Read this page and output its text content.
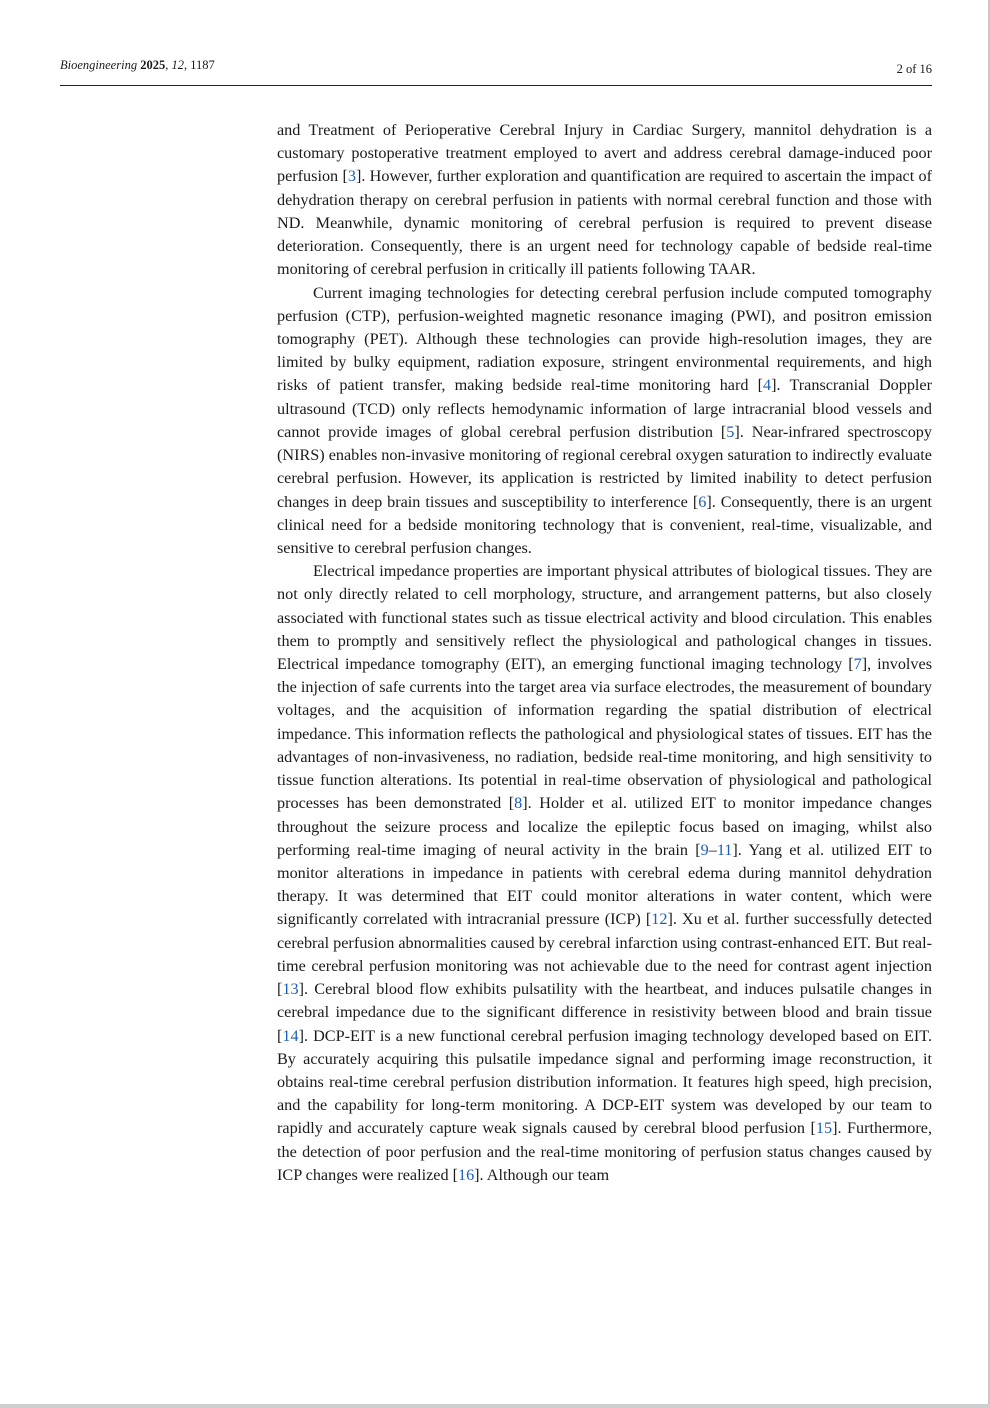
Bioengineering 2025, 12, 1187	2 of 16

and Treatment of Perioperative Cerebral Injury in Cardiac Surgery, mannitol dehydration is a customary postoperative treatment employed to avert and address cerebral damage-induced poor perfusion [3]. However, further exploration and quantification are required to ascertain the impact of dehydration therapy on cerebral perfusion in patients with normal cerebral function and those with ND. Meanwhile, dynamic monitoring of cerebral perfusion is required to prevent disease deterioration. Consequently, there is an urgent need for technology capable of bedside real-time monitoring of cerebral perfusion in critically ill patients following TAAR.

Current imaging technologies for detecting cerebral perfusion include computed tomography perfusion (CTP), perfusion-weighted magnetic resonance imaging (PWI), and positron emission tomography (PET). Although these technologies can provide high-resolution images, they are limited by bulky equipment, radiation exposure, stringent environmental requirements, and high risks of patient transfer, making bedside real-time monitoring hard [4]. Transcranial Doppler ultrasound (TCD) only reflects hemodynamic information of large intracranial blood vessels and cannot provide images of global cerebral perfusion distribution [5]. Near-infrared spectroscopy (NIRS) enables non-invasive monitoring of regional cerebral oxygen saturation to indirectly evaluate cerebral perfusion. However, its application is restricted by limited inability to detect perfusion changes in deep brain tissues and susceptibility to interference [6]. Consequently, there is an urgent clinical need for a bedside monitoring technology that is convenient, real-time, visualizable, and sensitive to cerebral perfusion changes.

Electrical impedance properties are important physical attributes of biological tissues. They are not only directly related to cell morphology, structure, and arrangement patterns, but also closely associated with functional states such as tissue electrical activity and blood circulation. This enables them to promptly and sensitively reflect the physiological and pathological changes in tissues. Electrical impedance tomography (EIT), an emerging functional imaging technology [7], involves the injection of safe currents into the target area via surface electrodes, the measurement of boundary voltages, and the acquisition of information regarding the spatial distribution of electrical impedance. This information reflects the pathological and physiological states of tissues. EIT has the advantages of non-invasiveness, no radiation, bedside real-time monitoring, and high sensitivity to tissue function alterations. Its potential in real-time observation of physiological and pathological processes has been demonstrated [8]. Holder et al. utilized EIT to monitor impedance changes throughout the seizure process and localize the epileptic focus based on imaging, whilst also performing real-time imaging of neural activity in the brain [9–11]. Yang et al. utilized EIT to monitor alterations in impedance in patients with cerebral edema during mannitol dehydration therapy. It was determined that EIT could monitor alterations in water content, which were significantly correlated with intracranial pressure (ICP) [12]. Xu et al. further successfully detected cerebral perfusion abnormalities caused by cerebral infarction using contrast-enhanced EIT. But real-time cerebral perfusion monitoring was not achievable due to the need for contrast agent injection [13]. Cerebral blood flow exhibits pulsatility with the heartbeat, and induces pulsatile changes in cerebral impedance due to the significant difference in resistivity between blood and brain tissue [14]. DCP-EIT is a new functional cerebral perfusion imaging technology developed based on EIT. By accurately acquiring this pulsatile impedance signal and performing image reconstruction, it obtains real-time cerebral perfusion distribution information. It features high speed, high precision, and the capability for long-term monitoring. A DCP-EIT system was developed by our team to rapidly and accurately capture weak signals caused by cerebral blood perfusion [15]. Furthermore, the detection of poor perfusion and the real-time monitoring of perfusion status changes caused by ICP changes were realized [16]. Although our team
